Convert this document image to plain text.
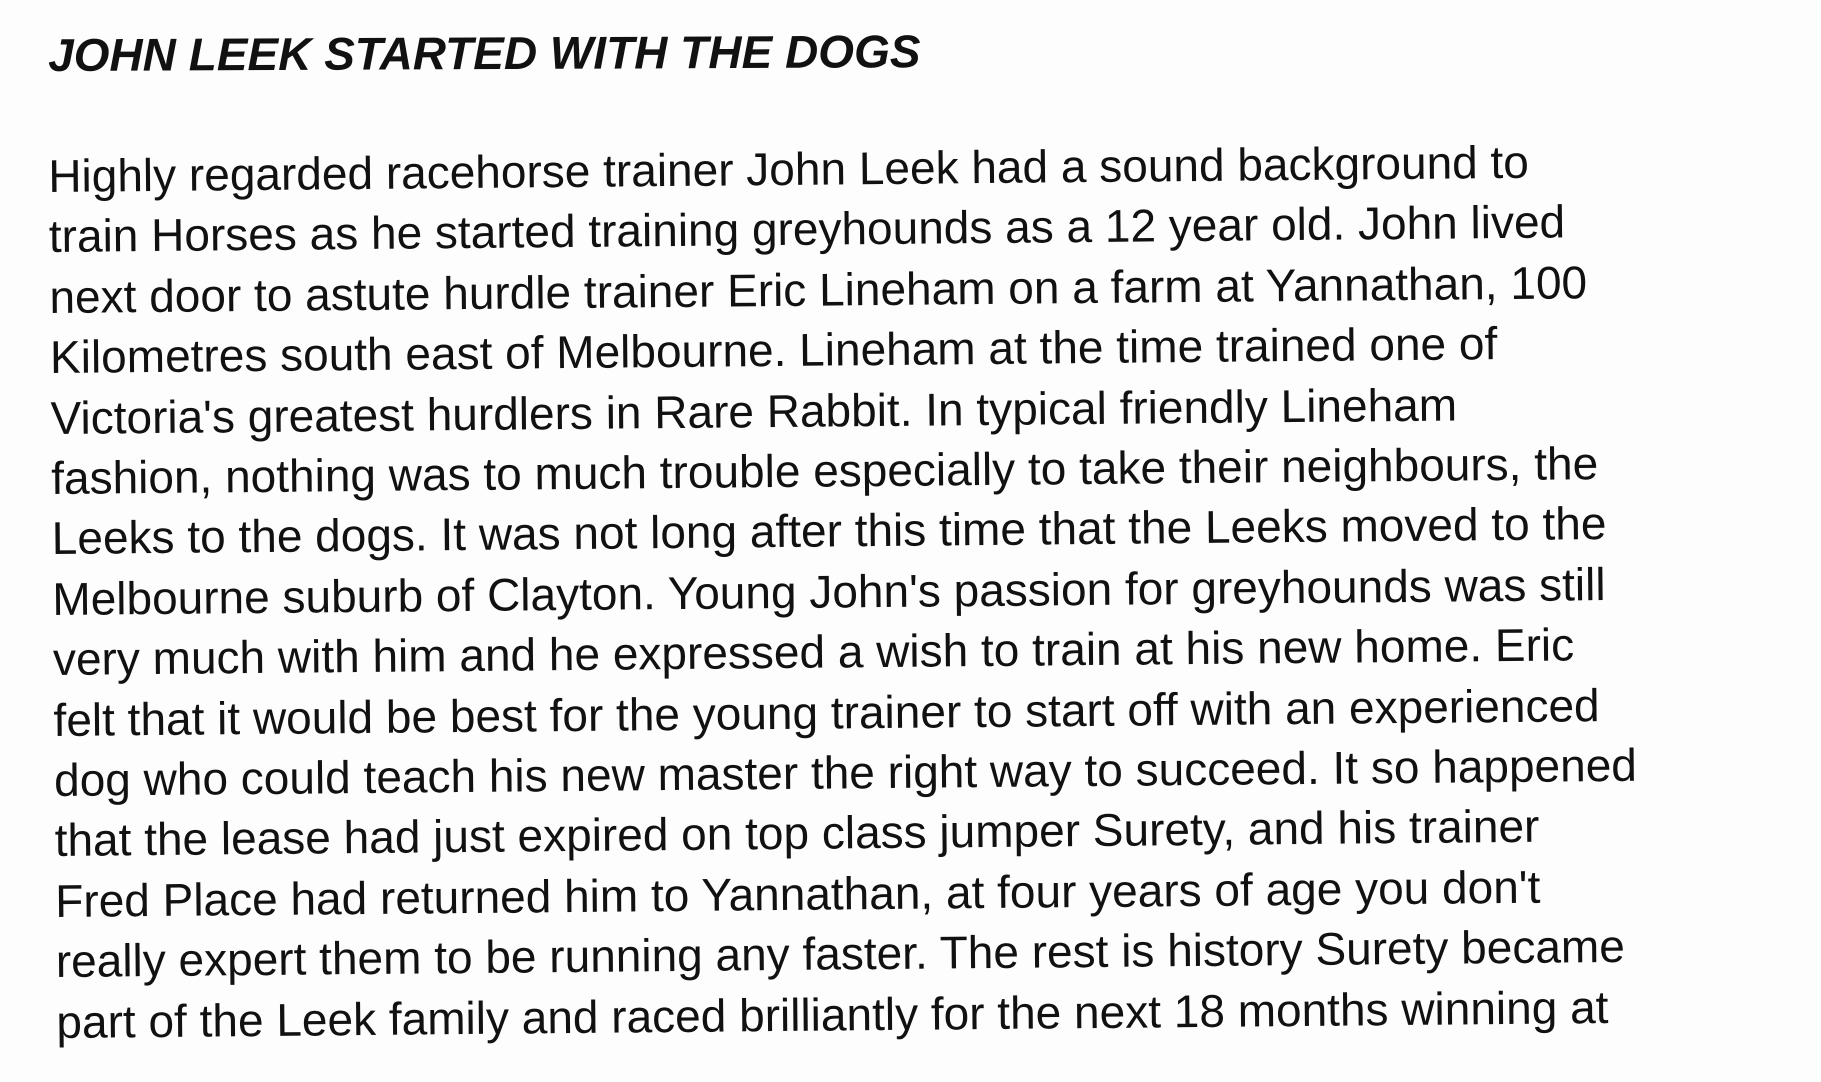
JOHN LEEK STARTED WITH THE DOGS
Highly regarded racehorse trainer John Leek had a sound background to
train Horses as he started training greyhounds as a 12 year old. John lived
next door to astute hurdle trainer Eric Lineham on a farm at Yannathan, 100
Kilometres south east of Melbourne. Lineham at the time trained one of
Victoria's greatest hurdlers in Rare Rabbit. In typical friendly Lineham
fashion, nothing was to much trouble especially to take their neighbours, the
Leeks to the dogs. It was not long after this time that the Leeks moved to the
Melbourne suburb of Clayton. Young John's passion for greyhounds was still
very much with him and he expressed a wish to train at his new home. Eric
felt that it would be best for the young trainer to start off with an experienced
dog who could teach his new master the right way to succeed. It so happened
that the lease had just expired on top class jumper Surety, and his trainer
Fred Place had returned him to Yannathan, at four years of age you don't
really expert them to be running any faster. The rest is history Surety became
part of the Leek family and raced brilliantly for the next 18 months winning at
